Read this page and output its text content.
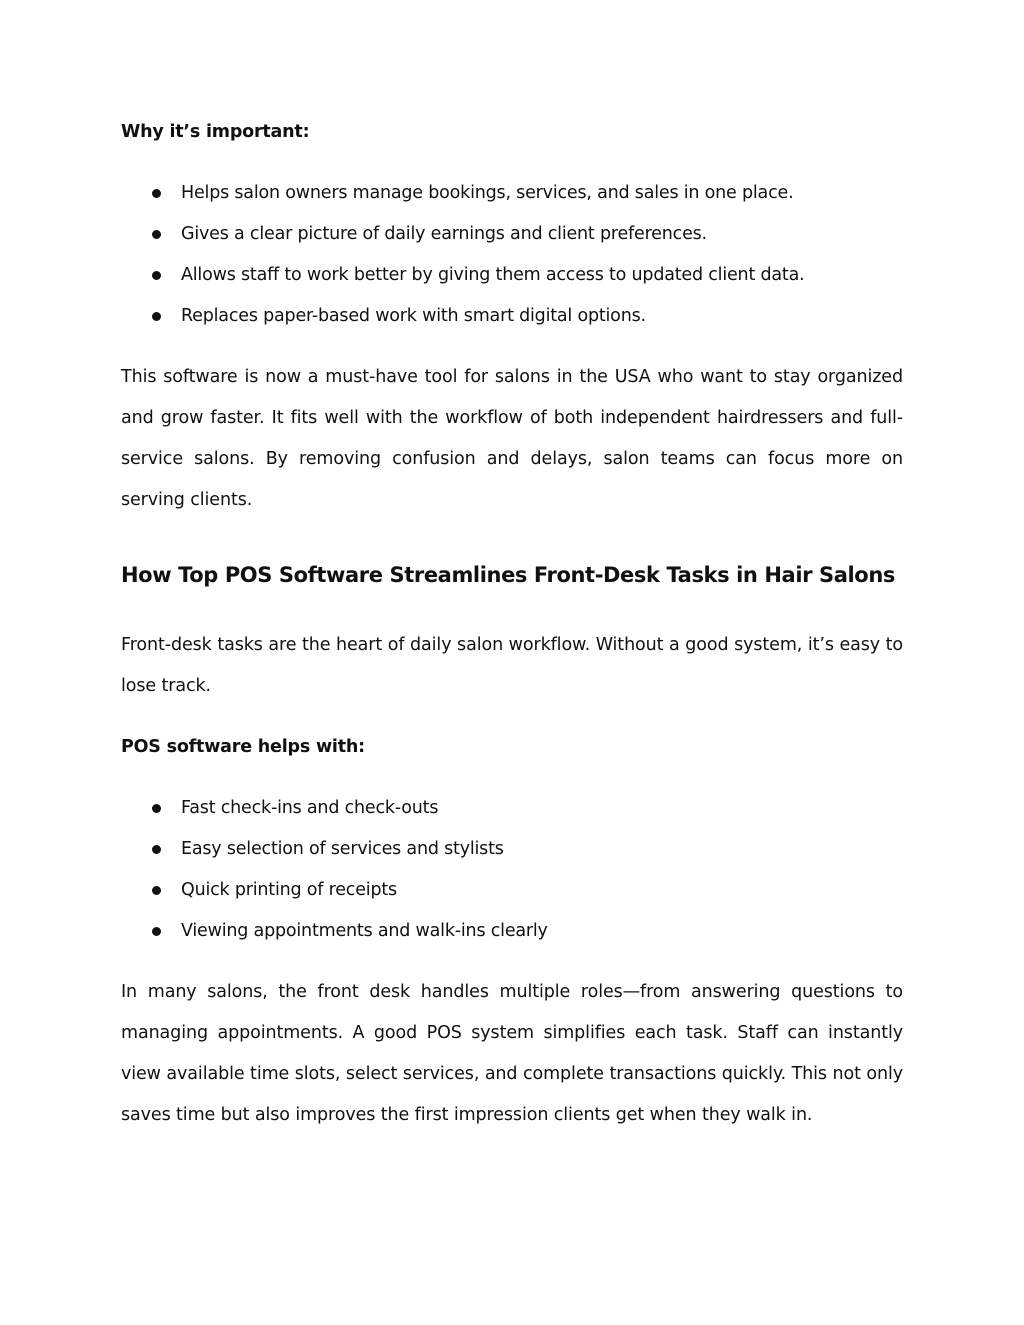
Why it’s important:

Helps salon owners manage bookings, services, and sales in one place.
Gives a clear picture of daily earnings and client preferences.
Allows staff to work better by giving them access to updated client data.
Replaces paper-based work with smart digital options.

This software is now a must-have tool for salons in the USA who want to stay organized and grow faster. It fits well with the workflow of both independent hairdressers and full-service salons. By removing confusion and delays, salon teams can focus more on serving clients.

How Top POS Software Streamlines Front-Desk Tasks in Hair Salons

Front-desk tasks are the heart of daily salon workflow. Without a good system, it’s easy to lose track.

POS software helps with:

Fast check-ins and check-outs
Easy selection of services and stylists
Quick printing of receipts
Viewing appointments and walk-ins clearly

In many salons, the front desk handles multiple roles—from answering questions to managing appointments. A good POS system simplifies each task. Staff can instantly view available time slots, select services, and complete transactions quickly. This not only saves time but also improves the first impression clients get when they walk in.
